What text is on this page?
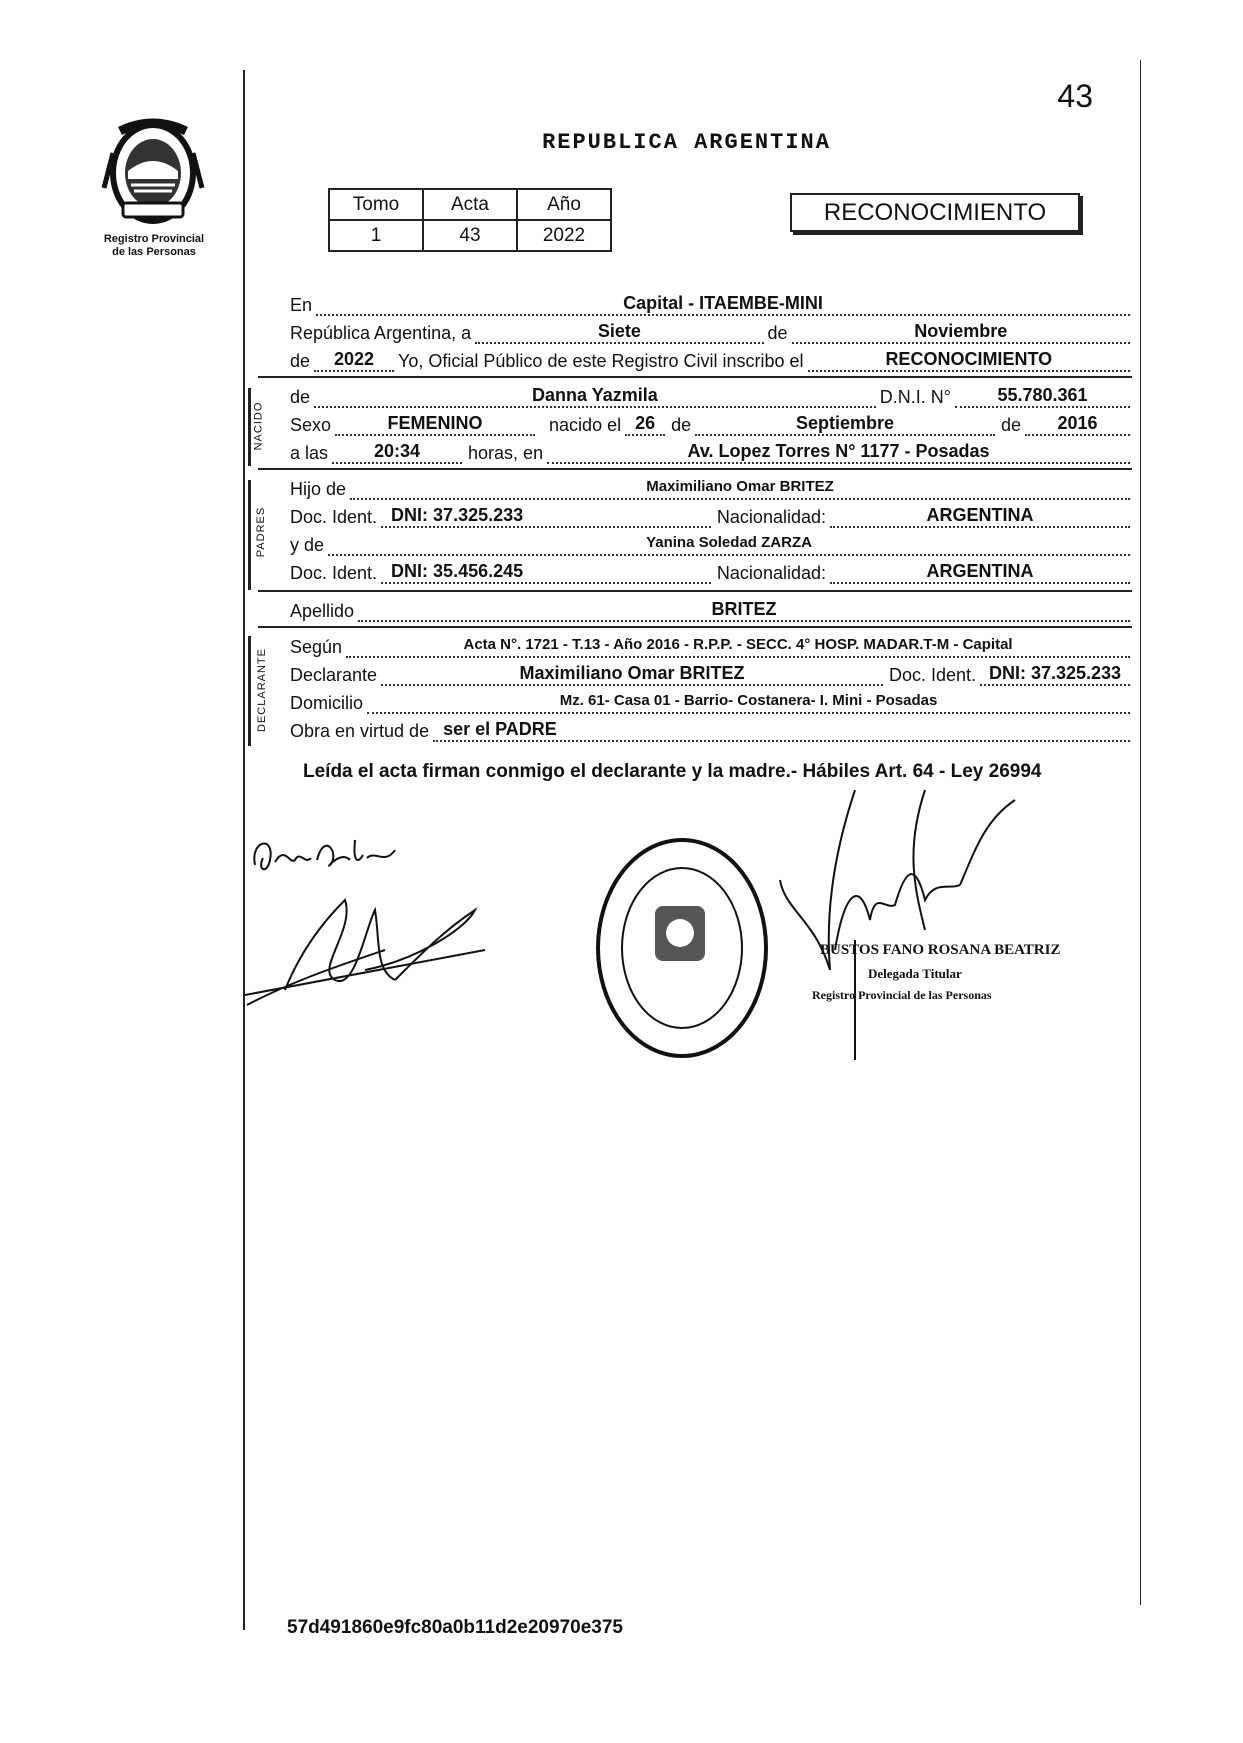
43
Registro Provincial
de las Personas
REPUBLICA ARGENTINA
Tomo	Acta	Año
1	43	2022
RECONOCIMIENTO
En	Capital - ITAEMBE-MINI
República Argentina, a	Siete	de	Noviembre
de	2022	Yo, Oficial Público de este Registro Civil inscribo el	RECONOCIMIENTO
NACIDO
de	Danna Yazmila	D.N.I. N°	55.780.361
Sexo	FEMENINO	nacido el 26 de	Septiembre	de	2016
a las	20:34	horas, en	Av. Lopez Torres N° 1177 - Posadas
PADRES
Hijo de	Maximiliano Omar BRITEZ
Doc. Ident. DNI: 37.325.233	Nacionalidad:	ARGENTINA
y de	Yanina Soledad ZARZA
Doc. Ident. DNI: 35.456.245	Nacionalidad:	ARGENTINA
Apellido	BRITEZ
DECLARANTE
Según	Acta N°. 1721 - T.13 - Año 2016 - R.P.P. - SECC. 4° HOSP. MADAR.T-M - Capital
Declarante	Maximiliano Omar BRITEZ	Doc. Ident. DNI: 37.325.233
Domicilio	Mz. 61- Casa 01 - Barrio- Costanera- I. Mini - Posadas
Obra en virtud de ser el PADRE
Leída el acta firman conmigo el declarante y la madre.- Hábiles Art. 64 - Ley 26994
BUSTOS FANO ROSANA BEATRIZ
Delegada Titular
Registro Provincial de las Personas
57d491860e9fc80a0b11d2e20970e375
